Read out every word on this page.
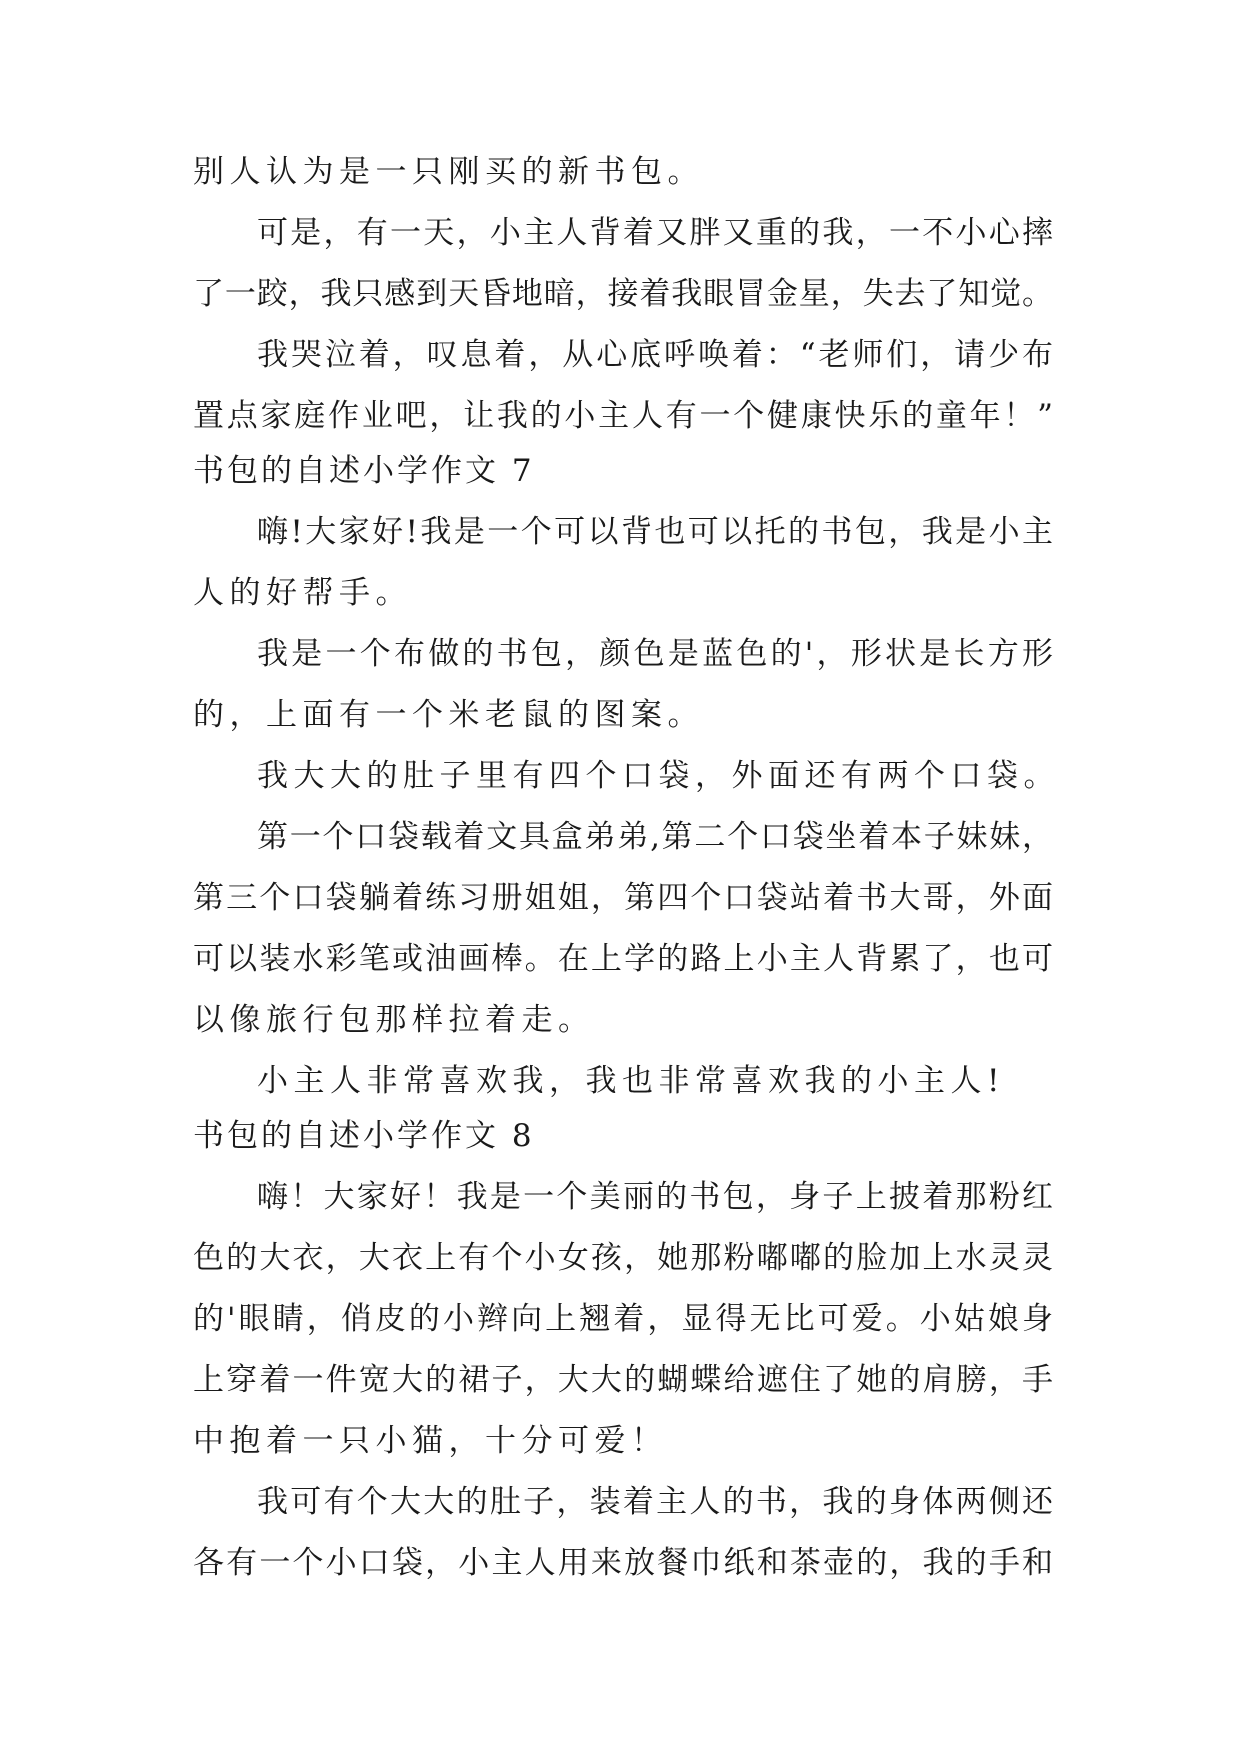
别人认为是一只刚买的新书包。
可是，有一天，小主人背着又胖又重的我，一不小心摔
了一跤，我只感到天昏地暗，接着我眼冒金星，失去了知觉。
我哭泣着，叹息着，从心底呼唤着：“老师们，请少布
置点家庭作业吧，让我的小主人有一个健康快乐的童年！”
书包的自述小学作文 7
嗨!大家好!我是一个可以背也可以托的书包，我是小主
人的好帮手。
我是一个布做的书包，颜色是蓝色的'，形状是长方形
的，上面有一个米老鼠的图案。
我大大的肚子里有四个口袋，外面还有两个口袋。
第一个口袋载着文具盒弟弟,第二个口袋坐着本子妹妹，
第三个口袋躺着练习册姐姐，第四个口袋站着书大哥，外面
可以装水彩笔或油画棒。在上学的路上小主人背累了，也可
以像旅行包那样拉着走。
小主人非常喜欢我，我也非常喜欢我的小主人!
书包的自述小学作文 8
嗨！大家好！我是一个美丽的书包，身子上披着那粉红
色的大衣，大衣上有个小女孩，她那粉嘟嘟的脸加上水灵灵
的'眼睛，俏皮的小辫向上翘着，显得无比可爱。小姑娘身
上穿着一件宽大的裙子，大大的蝴蝶给遮住了她的肩膀，手
中抱着一只小猫，十分可爱！
我可有个大大的肚子，装着主人的书，我的身体两侧还
各有一个小口袋，小主人用来放餐巾纸和茶壶的，我的手和
